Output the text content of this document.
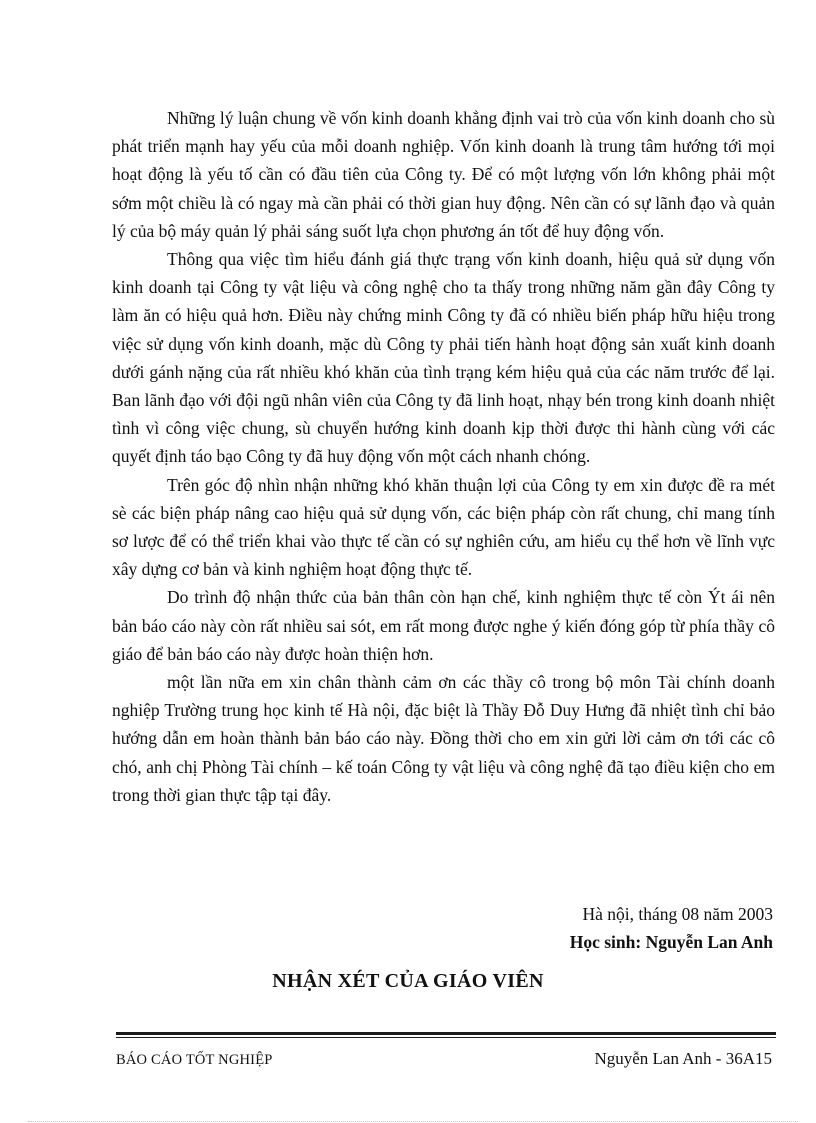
Những lý luận chung về vốn kinh doanh khẳng định vai trò của vốn kinh doanh cho sù phát triển mạnh hay yếu của mỗi doanh nghiệp. Vốn kinh doanh là trung tâm hướng tới mọi hoạt động là yếu tố cần có đầu tiên của Công ty. Để có một lượng vốn lớn không phải một sớm một chiều là có ngay mà cần phải có thời gian huy động. Nên cần có sự lãnh đạo và quản lý của bộ máy quản lý phải sáng suốt lựa chọn phương án tốt để huy động vốn.

Thông qua việc tìm hiểu đánh giá thực trạng vốn kinh doanh, hiệu quả sử dụng vốn kinh doanh tại Công ty vật liệu và công nghệ cho ta thấy trong những năm gần đây Công ty làm ăn có hiệu quả hơn. Điều này chứng minh Công ty đã có nhiều biến pháp hữu hiệu trong việc sử dụng vốn kinh doanh, mặc dù Công ty phải tiến hành hoạt động sản xuất kinh doanh dưới gánh nặng của rất nhiều khó khăn của tình trạng kém hiệu quả của các năm trước để lại. Ban lãnh đạo với đội ngũ nhân viên của Công ty đã linh hoạt, nhạy bén trong kinh doanh nhiệt tình vì công việc chung, sù chuyển hướng kinh doanh kịp thời được thi hành cùng với các quyết định táo bạo Công ty đã huy động vốn một cách nhanh chóng.

Trên góc độ nhìn nhận những khó khăn thuận lợi của Công ty em xin được đề ra mét sè các biện pháp nâng cao hiệu quả sử dụng vốn, các biện pháp còn rất chung, chỉ mang tính sơ lược để có thể triển khai vào thực tế cần có sự nghiên cứu, am hiểu cụ thể hơn về lĩnh vực xây dựng cơ bản và kinh nghiệm hoạt động thực tế.

Do trình độ nhận thức của bản thân còn hạn chế, kinh nghiệm thực tế còn Ýt ái nên bản báo cáo này còn rất nhiều sai sót, em rất mong được nghe ý kiến đóng góp từ phía thầy cô giáo để bản báo cáo này được hoàn thiện hơn.

một lần nữa em xin chân thành cảm ơn các thầy cô trong bộ môn Tài chính doanh nghiệp Trường trung học kinh tế Hà nội, đặc biệt là Thầy Đỗ Duy Hưng đã nhiệt tình chỉ bảo hướng dẫn em hoàn thành bản báo cáo này. Đồng thời cho em xin gửi lời cảm ơn tới các cô chó, anh chị Phòng Tài chính – kế toán Công ty vật liệu và công nghệ đã tạo điều kiện cho em trong thời gian thực tập tại đây.

Hà nội, tháng 08 năm 2003
Học sinh: Nguyễn Lan Anh
NHẬN XÉT CỦA GIÁO VIÊN
BÁO CÁO TỐT NGHIỆP	Nguyễn Lan Anh - 36A15
